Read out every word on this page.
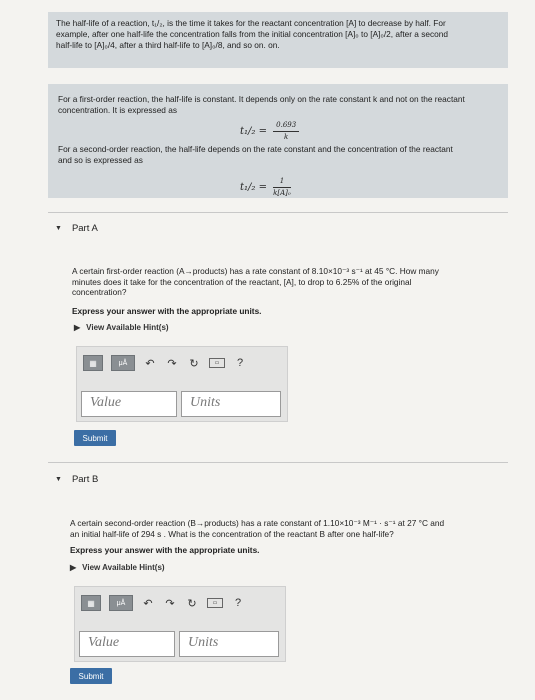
The half-life of a reaction, t₁/₂, is the time it takes for the reactant concentration [A] to decrease by half. For
example, after one half-life the concentration falls from the initial concentration [A]₀ to [A]₀/2, after a second
half-life to [A]₀/4, after a third half-life to [A]₀/8, and so on. on.
For a first-order reaction, the half-life is constant. It depends only on the rate constant k and not on the reactant
concentration. It is expressed as
$t_1/_2 = \frac{0.693}{k}$
For a second-order reaction, the half-life depends on the rate constant and the concentration of the reactant
and so is expressed as
$t_1/_2 = \frac{1}{\text{k[A]₀}}$
▼ Part A
A certain first-order reaction (A→products) has a rate constant of 8.10×10⁻³ s⁻¹ at 45 °C. How many
minutes does it take for the concentration of the reactant, [A], to drop to 6.25% of the original
concentration?
Express your answer with the appropriate units.
▶ View Available Hint(s)
▦	μÅ	↶ ↷ ↻	▭	?
Value	Units
Submit
▼ Part B
A certain second-order reaction (B→products) has a rate constant of 1.10×10⁻³ M⁻¹ · s⁻¹ at 27 °C and
an initial half-life of 294 s . What is the concentration of the reactant B after one half-life?
Express your answer with the appropriate units.
▶ View Available Hint(s)
▦	μÅ	↶ ↷ ↻	▭	?
Value	Units
Submit
